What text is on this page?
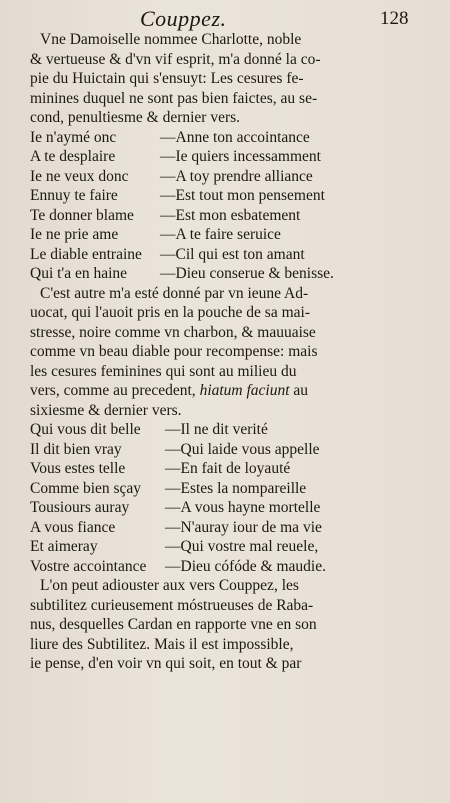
Couppez.	128
Vne Damoiselle nommee Charlotte, noble
& vertueuse & d'vn vif esprit, m'a donné la co-
pie du Huictain qui s'ensuyt: Les cesures fe-
minines duquel ne sont pas bien faictes, au se-
cond, penultiesme & dernier vers.
Ie n'aymé onc	—Anne ton accointance
A te desplaire	—Ie quiers incessamment
Ie ne veux donc —A toy prendre alliance
Ennuy te faire	—Est tout mon pensement
Te donner blame —Est mon esbatement
Ie ne prie ame	—A te faire seruice
Le diable entraine —Cil qui est ton amant
Qui t'a en haine —Dieu conserue & benisse.
C'est autre m'a esté donné par vn ieune Ad-
uocat, qui l'auoit pris en la pouche de sa mai-
stresse, noire comme vn charbon, & mauuaise
comme vn beau diable pour recompense: mais
les cesures feminines qui sont au milieu du
vers, comme au precedent, hiatum faciunt au
sixiesme & dernier vers.
Qui vous dit belle —Il ne dit verité
Il dit bien vray	—Qui laide vous appelle
Vous estes telle	—En fait de loyauté
Comme bien sçay —Estes la nompareille
Tousiours auray —A vous hayne mortelle
A vous fiance	—N'auray iour de ma vie
Et aimeray	—Qui vostre mal reuele,
Vostre accointance —Dieu cófóde & maudie.
L'on peut adiouster aux vers Couppez, les
subtilitez curieusement móstrueuses de Raba-
nus, desquelles Cardan en rapporte vne en son
liure des Subtilitez. Mais il est impossible,
ie pense, d'en voir vn qui soit, en tout & par
